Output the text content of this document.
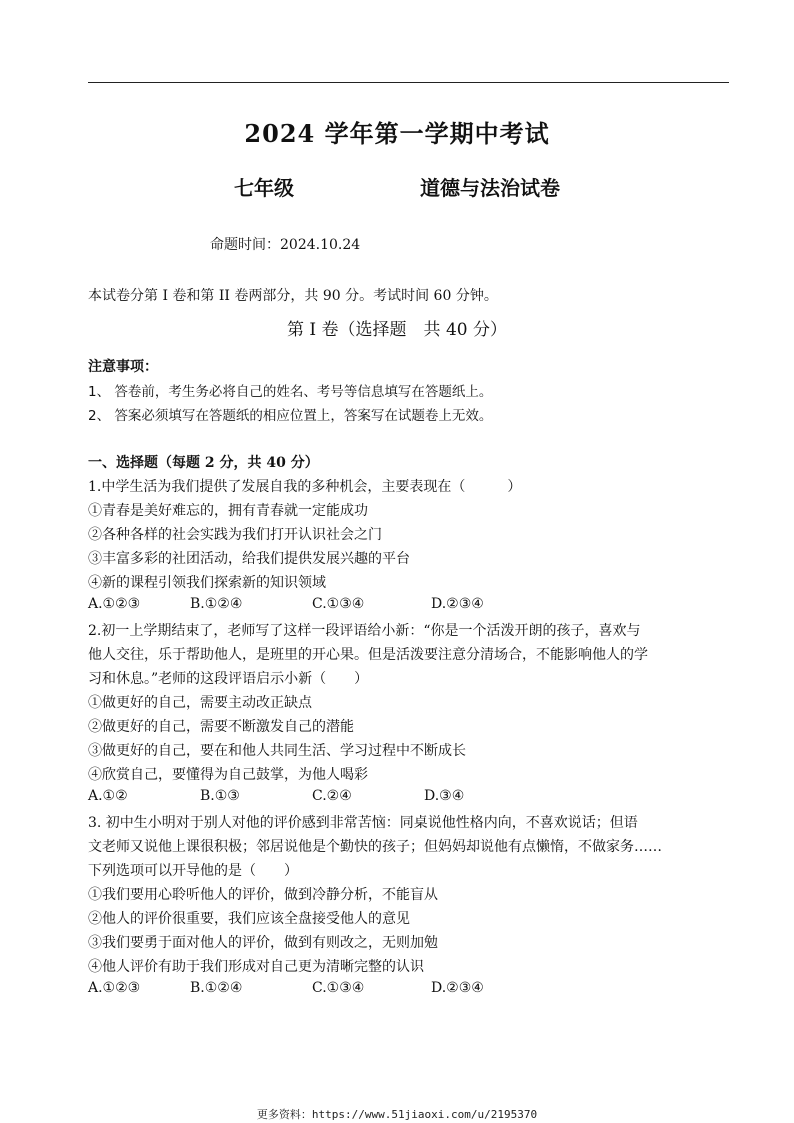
2024 学年第一学期中考试
七年级	道德与法治试卷
命题时间：2024.10.24
本试卷分第 I 卷和第 II 卷两部分，共 90 分。考试时间 60 分钟。
第 I 卷（选择题　共 40 分）
注意事项：
1、 答卷前，考生务必将自己的姓名、考号等信息填写在答题纸上。
2、 答案必须填写在答题纸的相应位置上，答案写在试题卷上无效。
一、选择题（每题 2 分，共 40 分）
1.中学生活为我们提供了发展自我的多种机会，主要表现在（　　　）
①青春是美好难忘的，拥有青春就一定能成功
②各种各样的社会实践为我们打开认识社会之门
③丰富多彩的社团活动，给我们提供发展兴趣的平台
④新的课程引领我们探索新的知识领域
A.①②③	B.①②④	C.①③④	D.②③④
2.初一上学期结束了，老师写了这样一段评语给小新：“你是一个活泼开朗的孩子，喜欢与
他人交往，乐于帮助他人，是班里的开心果。但是活泼要注意分清场合，不能影响他人的学
习和休息。”老师的这段评语启示小新（　　）
①做更好的自己，需要主动改正缺点
②做更好的自己，需要不断激发自己的潜能
③做更好的自己，要在和他人共同生活、学习过程中不断成长
④欣赏自己，要懂得为自己鼓掌，为他人喝彩
A.①②	B.①③	C.②④	D.③④
3. 初中生小明对于别人对他的评价感到非常苦恼：同桌说他性格内向，不喜欢说话；但语
文老师又说他上课很积极；邻居说他是个勤快的孩子；但妈妈却说他有点懒惰，不做家务……
下列选项可以开导他的是（　　）
①我们要用心聆听他人的评价，做到冷静分析，不能盲从
②他人的评价很重要，我们应该全盘接受他人的意见
③我们要勇于面对他人的评价，做到有则改之，无则加勉
④他人评价有助于我们形成对自己更为清晰完整的认识
A.①②③	B.①②④	C.①③④	D.②③④
更多资料：https://www.51jiaoxi.com/u/2195370
